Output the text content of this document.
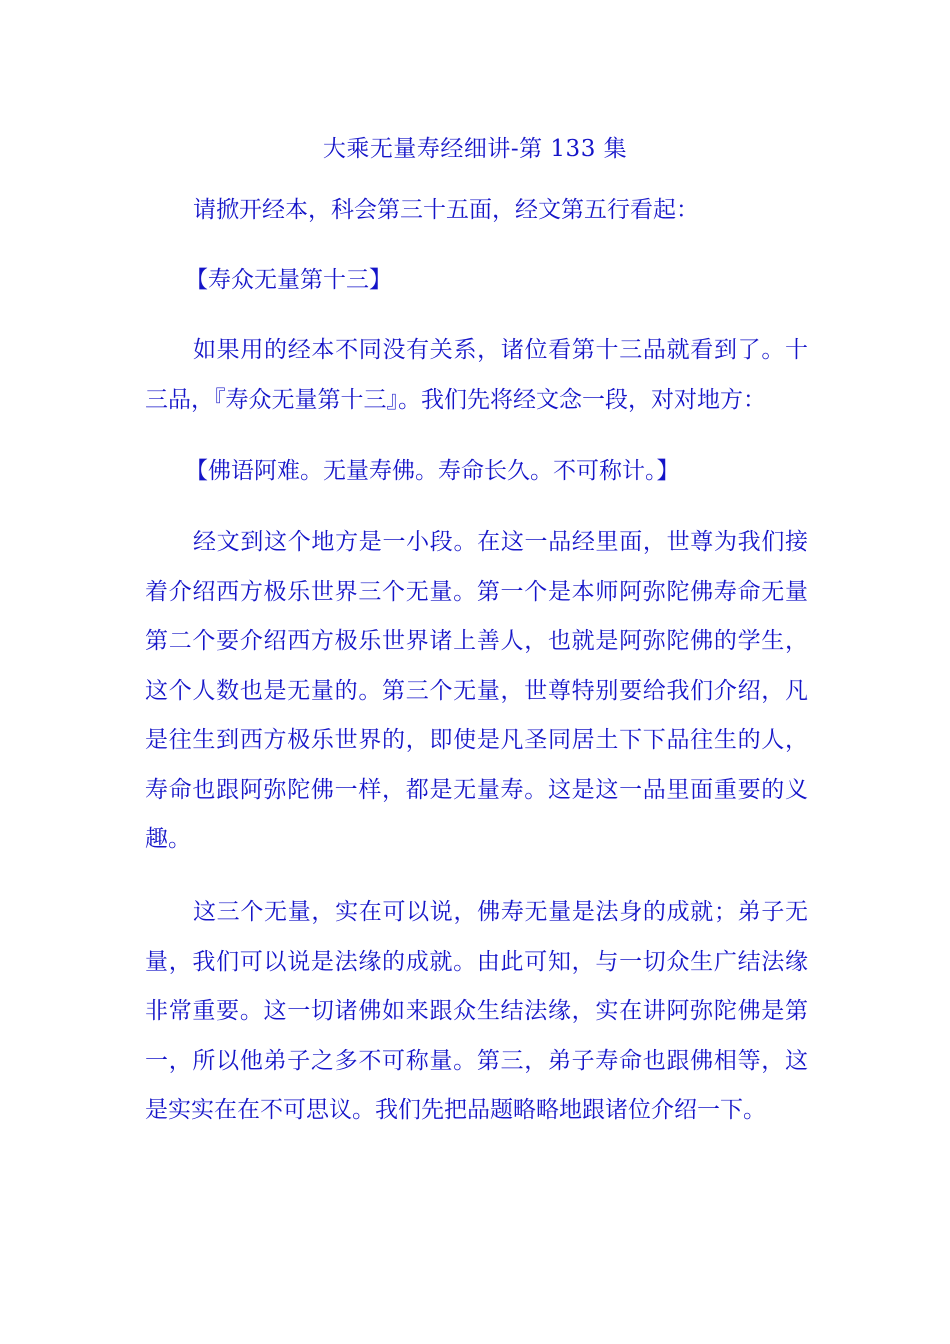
大乘无量寿经细讲-第 133 集

请掀开经本，科会第三十五面，经文第五行看起：

【寿众无量第十三】

如果用的经本不同没有关系，诸位看第十三品就看到了。十三品，『寿众无量第十三』。我们先将经文念一段，对对地方：

【佛语阿难。无量寿佛。寿命长久。不可称计。】

经文到这个地方是一小段。在这一品经里面，世尊为我们接着介绍西方极乐世界三个无量。第一个是本师阿弥陀佛寿命无量第二个要介绍西方极乐世界诸上善人，也就是阿弥陀佛的学生，这个人数也是无量的。第三个无量，世尊特别要给我们介绍，凡是往生到西方极乐世界的，即使是凡圣同居土下下品往生的人，寿命也跟阿弥陀佛一样，都是无量寿。这是这一品里面重要的义趣。

这三个无量，实在可以说，佛寿无量是法身的成就；弟子无量，我们可以说是法缘的成就。由此可知，与一切众生广结法缘非常重要。这一切诸佛如来跟众生结法缘，实在讲阿弥陀佛是第一，所以他弟子之多不可称量。第三，弟子寿命也跟佛相等，这是实实在在不可思议。我们先把品题略略地跟诸位介绍一下。
